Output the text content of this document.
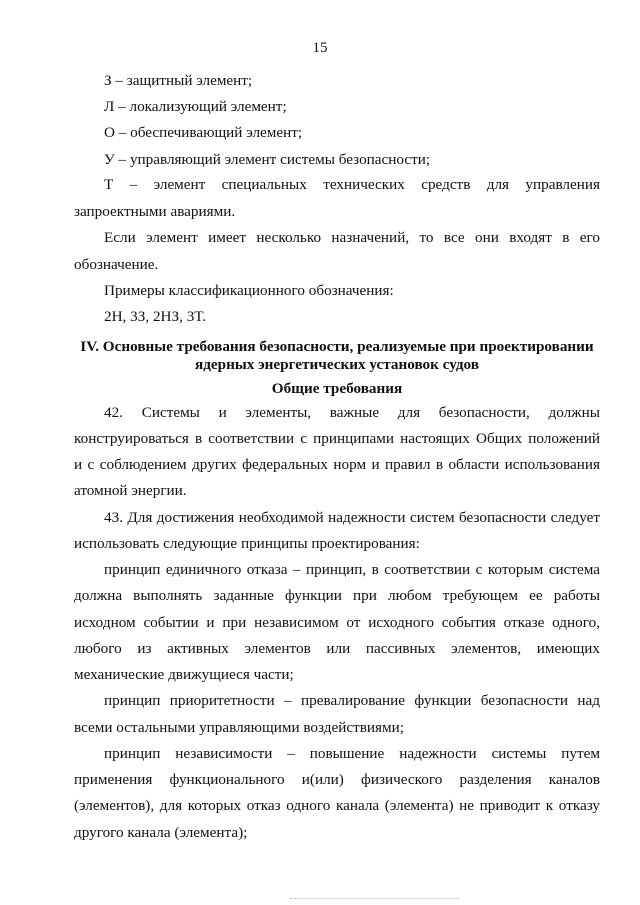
15
З – защитный элемент;
Л – локализующий элемент;
О – обеспечивающий элемент;
У – управляющий элемент системы безопасности;
Т – элемент специальных технических средств для управления
запроектными авариями.
Если элемент имеет несколько назначений, то все они входят в его
обозначение.
Примеры классификационного обозначения:
2Н, 3З, 2НЗ, 3Т.
IV. Основные требования безопасности, реализуемые при проектировании
ядерных энергетических установок судов
Общие требования
42. Системы и элементы, важные для безопасности, должны
конструироваться в соответствии с принципами настоящих Общих положений
и с соблюдением других федеральных норм и правил в области использования
атомной энергии.
43. Для достижения необходимой надежности систем безопасности следует
использовать следующие принципы проектирования:
принцип единичного отказа – принцип, в соответствии с которым система
должна выполнять заданные функции при любом требующем ее работы
исходном событии и при независимом от исходного события отказе одного,
любого из активных элементов или пассивных элементов, имеющих
механические движущиеся части;
принцип приоритетности – превалирование функции безопасности над
всеми остальными управляющими воздействиями;
принцип независимости – повышение надежности системы путем
применения функционального и(или) физического разделения каналов
(элементов), для которых отказ одного канала (элемента) не приводит к отказу
другого канала (элемента);
